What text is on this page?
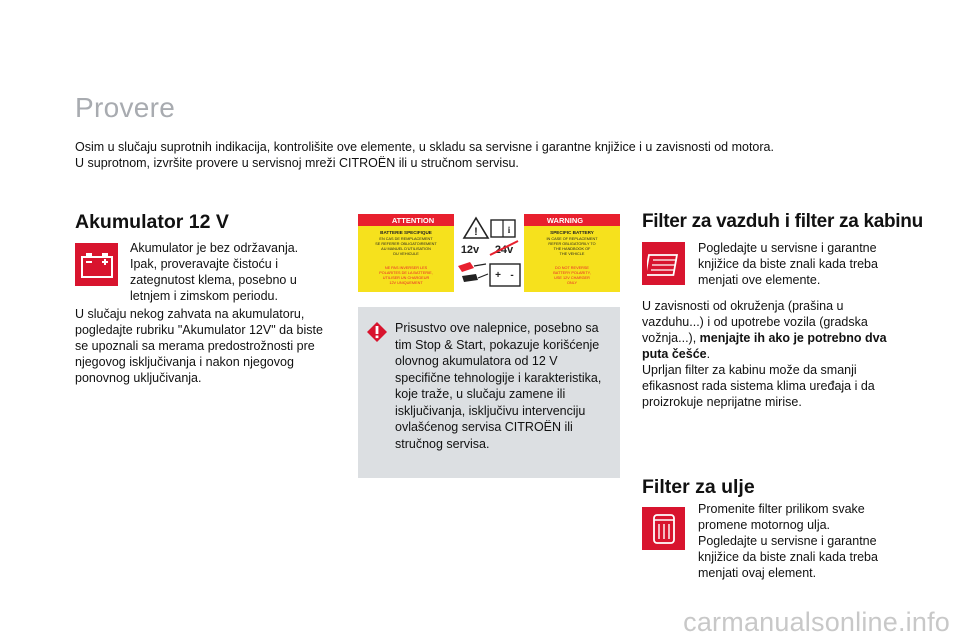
Provere

Osim u slučaju suprotnih indikacija, kontrolišite ove elemente, u skladu sa servisne i garantne knjižice i u zavisnosti od motora.

U suprotnom, izvršite provere u servisnoj mreži CITROËN ili u stručnom servisu.

Akumulator 12 V

Akumulator je bez održavanja. Ipak, proveravajte čistoću i zategnutost klema, posebno u letnjem i zimskom periodu.

U slučaju nekog zahvata na akumulatoru, pogledajte rubriku "Akumulator 12V" da biste se upoznali sa merama predostrožnosti pre njegovog isključivanja i nakon njegovog ponovnog uključivanja.

ATTENTION	WARNING
BATTERIE SPECIFIQUE
EN CAS DE REMPLACEMENT
SE REFERER OBLIGATOIREMENT
AU MANUEL D'UTILISATION
DU VEHICULE
NE PAS INVERSER LES
POLARITES DE LA BATTERIE,
UTILISER UN CHARGEUR
12V UNIQUEMENT
SPECIFIC BATTERY
IN CASE OF REPLACEMENT
REFER OBLIGATORILY TO
THE HANDBOOK OF
THE VEHICLE
DO NOT REVERSE
BATTERY POLARITY,
USE 12V CHARGER
ONLY
!	i
12v 24v
+ -

Prisustvo ove nalepnice, posebno sa tim Stop & Start, pokazuje korišćenje olovnog akumulatora od 12 V specifične tehnologije i karakteristika, koje traže, u slučaju zamene ili isključivanja, isključivu intervenciju ovlašćenog servisa CITROËN ili stručnog servisa.

Filter za vazduh i filter za kabinu

Pogledajte u servisne i garantne knjižice da biste znali kada treba menjati ove elemente.

U zavisnosti od okruženja (prašina u vazduhu...) i od upotrebe vozila (gradska vožnja...), menjajte ih ako je potrebno dva puta češće.

Uprljan filter za kabinu može da smanji efikasnost rada sistema klima uređaja i da proizrokuje neprijatne mirise.

Filter za ulje

Promenite filter prilikom svake promene motornog ulja. Pogledajte u servisne i garantne knjižice da biste znali kada treba menjati ovaj element.

carmanualsonline.info
